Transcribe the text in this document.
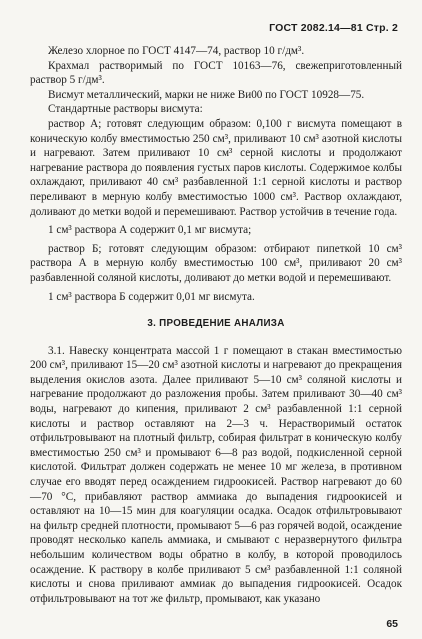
ГОСТ 2082.14—81 Стр. 2

Железо хлорное по ГОСТ 4147—74, раствор 10 г/дм³.

Крахмал растворимый по ГОСТ 10163—76, свежеприготовленный раствор 5 г/дм³.

Висмут металлический, марки не ниже Ви00 по ГОСТ 10928—75.

Стандартные растворы висмута:

раствор А; готовят следующим образом: 0,100 г висмута помещают в коническую колбу вместимостью 250 см³, приливают 10 см³ азотной кислоты и нагревают. Затем приливают 10 см³ серной кислоты и продолжают нагревание раствора до появления густых паров кислоты. Содержимое колбы охлаждают, приливают 40 см³ разбавленной 1:1 серной кислоты и раствор переливают в мерную колбу вместимостью 1000 см³. Раствор охлаждают, доливают до метки водой и перемешивают. Раствор устойчив в течение года.

1 см³ раствора А содержит 0,1 мг висмута;

раствор Б; готовят следующим образом: отбирают пипеткой 10 см³ раствора А в мерную колбу вместимостью 100 см³, приливают 20 см³ разбавленной соляной кислоты, доливают до метки водой и перемешивают.

1 см³ раствора Б содержит 0,01 мг висмута.

3. ПРОВЕДЕНИЕ АНАЛИЗА

3.1. Навеску концентрата массой 1 г помещают в стакан вместимостью 200 см³, приливают 15—20 см³ азотной кислоты и нагревают до прекращения выделения окислов азота. Далее приливают 5—10 см³ соляной кислоты и нагревание продолжают до разложения пробы. Затем приливают 30—40 см³ воды, нагревают до кипения, приливают 2 см³ разбавленной 1:1 серной кислоты и раствор оставляют на 2—3 ч. Нерастворимый остаток отфильтровывают на плотный фильтр, собирая фильтрат в коническую колбу вместимостью 250 см³ и промывают 6—8 раз водой, подкисленной серной кислотой. Фильтрат должен содержать не менее 10 мг железа, в противном случае его вводят перед осаждением гидроокисей. Раствор нагревают до 60—70 °С, прибавляют раствор аммиака до выпадения гидроокисей и оставляют на 10—15 мин для коагуляции осадка. Осадок отфильтровывают на фильтр средней плотности, промывают 5—6 раз горячей водой, осаждение проводят несколько капель аммиака, и смывают с неразвернутого фильтра небольшим количеством воды обратно в колбу, в которой проводилось осаждение. К раствору в колбе приливают 5 см³ разбавленной 1:1 соляной кислоты и снова приливают аммиак до выпадения гидроокисей. Осадок отфильтровывают на тот же фильтр, промывают, как указано

65
